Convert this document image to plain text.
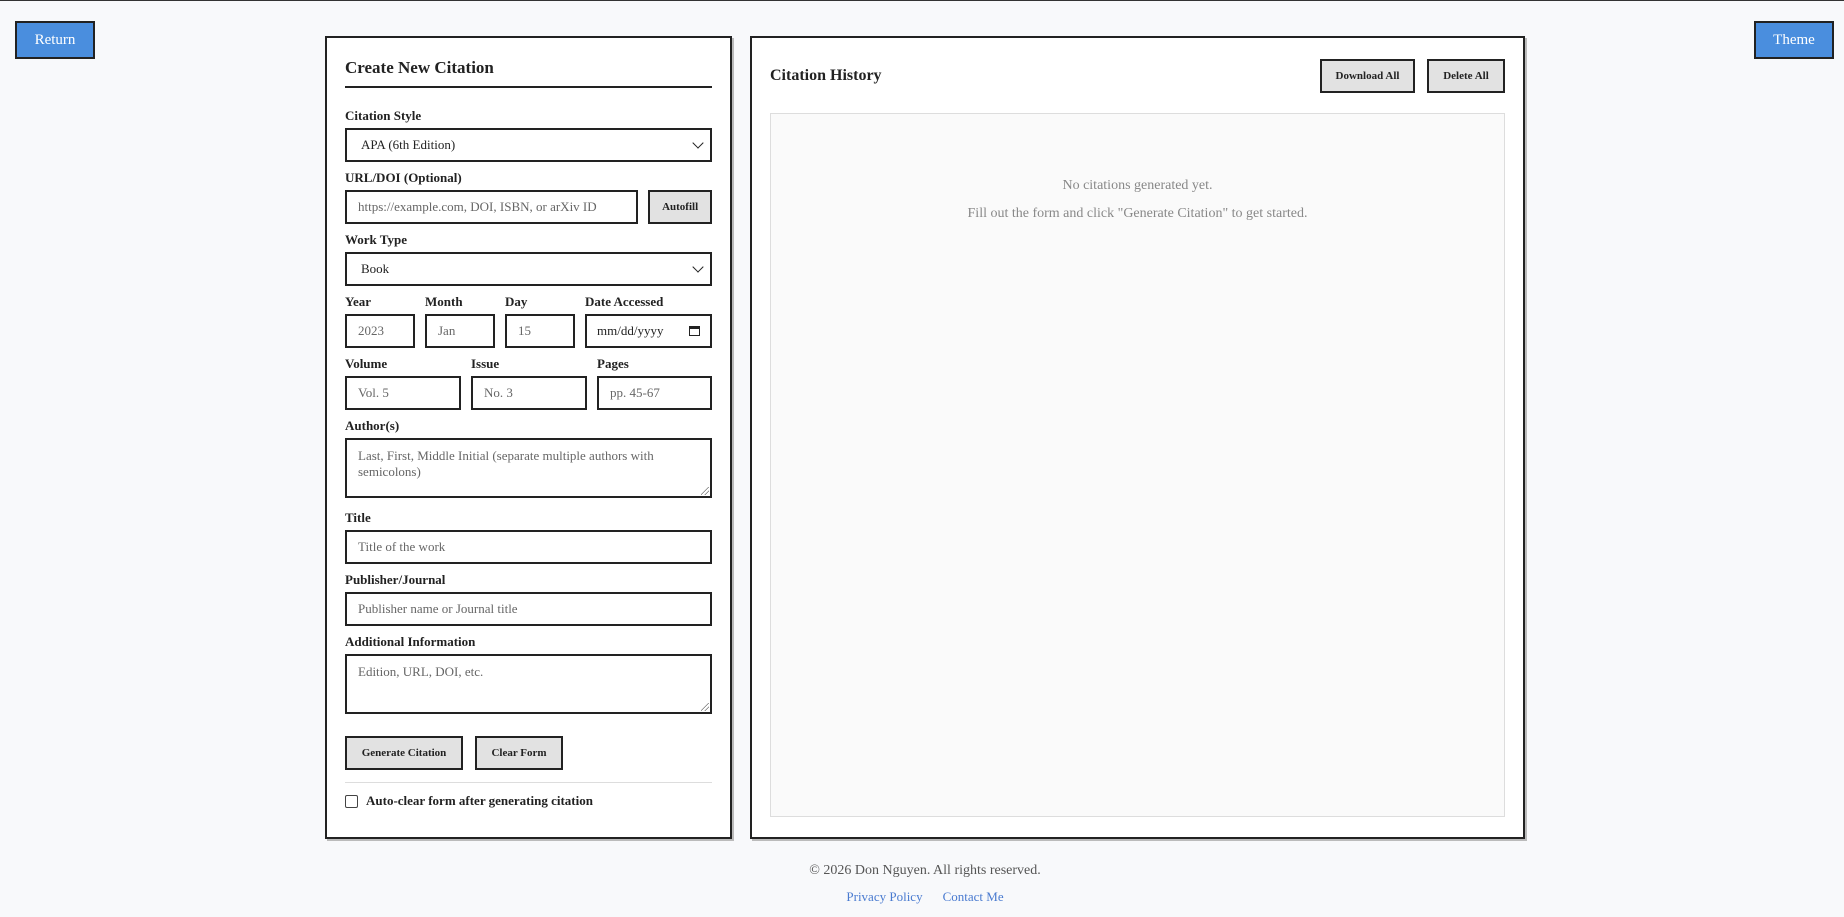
Return	Theme
Create New Citation
Citation Style
APA (6th Edition)
URL/DOI (Optional)
https://example.com, DOI, ISBN, or arXiv ID	Autofill
Work Type
Book
Year
2023
Month
Jan
Day
15
Date Accessed
mm/dd/yyyy
Volume
Vol. 5
Issue
No. 3
Pages
pp. 45-67
Author(s)
Last, First, Middle Initial (separate multiple authors with semicolons)
Title
Title of the work
Publisher/Journal
Publisher name or Journal title
Additional Information
Edition, URL, DOI, etc.
Generate Citation	Clear Form
Auto-clear form after generating citation
Citation History	Download All	Delete All

No citations generated yet.

Fill out the form and click "Generate Citation" to get started.

© 2026 Don Nguyen. All rights reserved.
Privacy Policy Contact Me
